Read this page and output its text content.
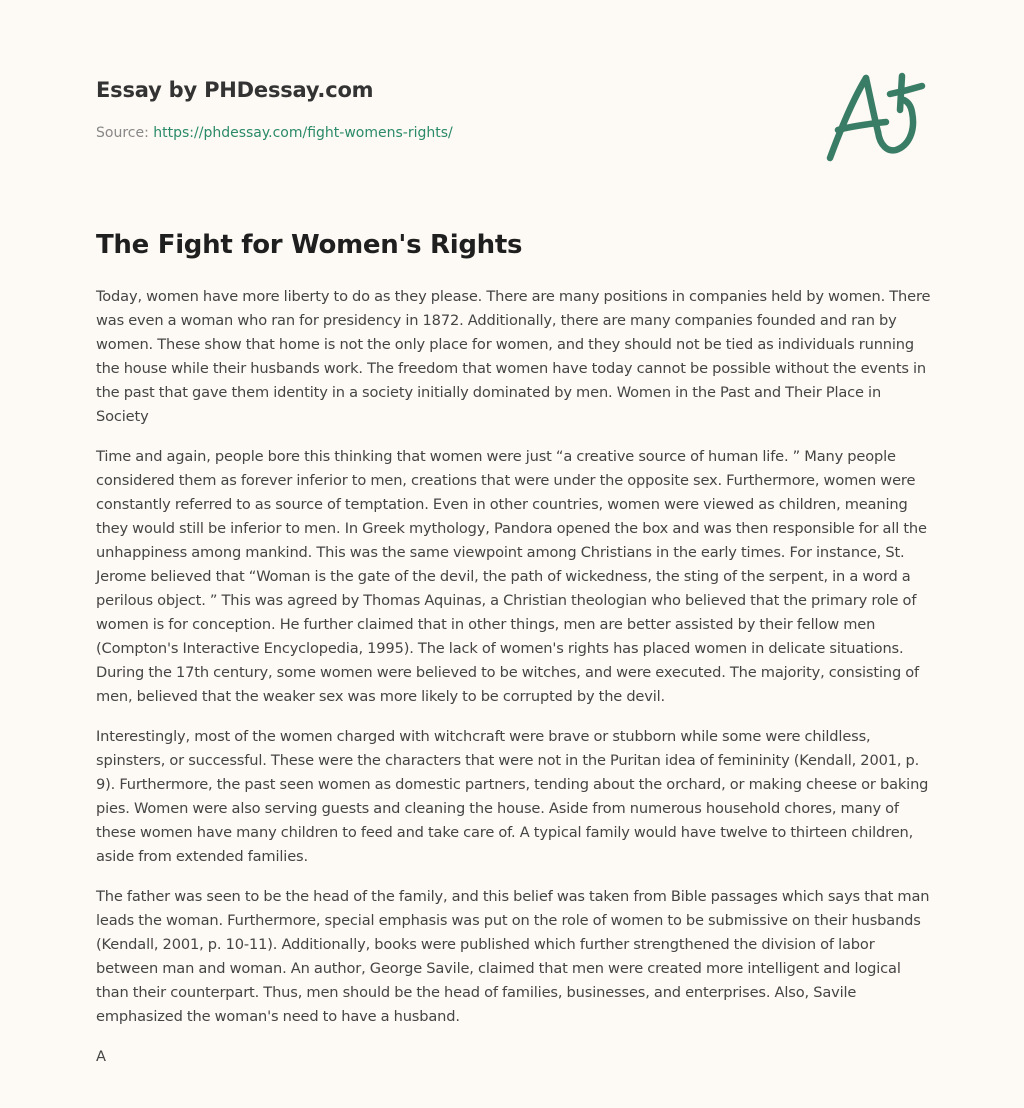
Essay by PHDessay.com
Source: https://phdessay.com/fight-womens-rights/
The Fight for Women's Rights

Today, women have more liberty to do as they please. There are many positions in companies held by women. There was even a woman who ran for presidency in 1872. Additionally, there are many companies founded and ran by women. These show that home is not the only place for women, and they should not be tied as individuals running the house while their husbands work. The freedom that women have today cannot be possible without the events in the past that gave them identity in a society initially dominated by men. Women in the Past and Their Place in Society

Time and again, people bore this thinking that women were just “a creative source of human life. ” Many people considered them as forever inferior to men, creations that were under the opposite sex. Furthermore, women were constantly referred to as source of temptation. Even in other countries, women were viewed as children, meaning they would still be inferior to men. In Greek mythology, Pandora opened the box and was then responsible for all the unhappiness among mankind. This was the same viewpoint among Christians in the early times. For instance, St. Jerome believed that “Woman is the gate of the devil, the path of wickedness, the sting of the serpent, in a word a perilous object. ” This was agreed by Thomas Aquinas, a Christian theologian who believed that the primary role of women is for conception. He further claimed that in other things, men are better assisted by their fellow men (Compton's Interactive Encyclopedia, 1995). The lack of women's rights has placed women in delicate situations. During the 17th century, some women were believed to be witches, and were executed. The majority, consisting of men, believed that the weaker sex was more likely to be corrupted by the devil.

Interestingly, most of the women charged with witchcraft were brave or stubborn while some were childless, spinsters, or successful. These were the characters that were not in the Puritan idea of femininity (Kendall, 2001, p. 9). Furthermore, the past seen women as domestic partners, tending about the orchard, or making cheese or baking pies. Women were also serving guests and cleaning the house. Aside from numerous household chores, many of these women have many children to feed and take care of. A typical family would have twelve to thirteen children, aside from extended families.

The father was seen to be the head of the family, and this belief was taken from Bible passages which says that man leads the woman. Furthermore, special emphasis was put on the role of women to be submissive on their husbands (Kendall, 2001, p. 10-11). Additionally, books were published which further strengthened the division of labor between man and woman. An author, George Savile, claimed that men were created more intelligent and logical than their counterpart. Thus, men should be the head of families, businesses, and enterprises. Also, Savile emphasized the woman's need to have a husband.

A
